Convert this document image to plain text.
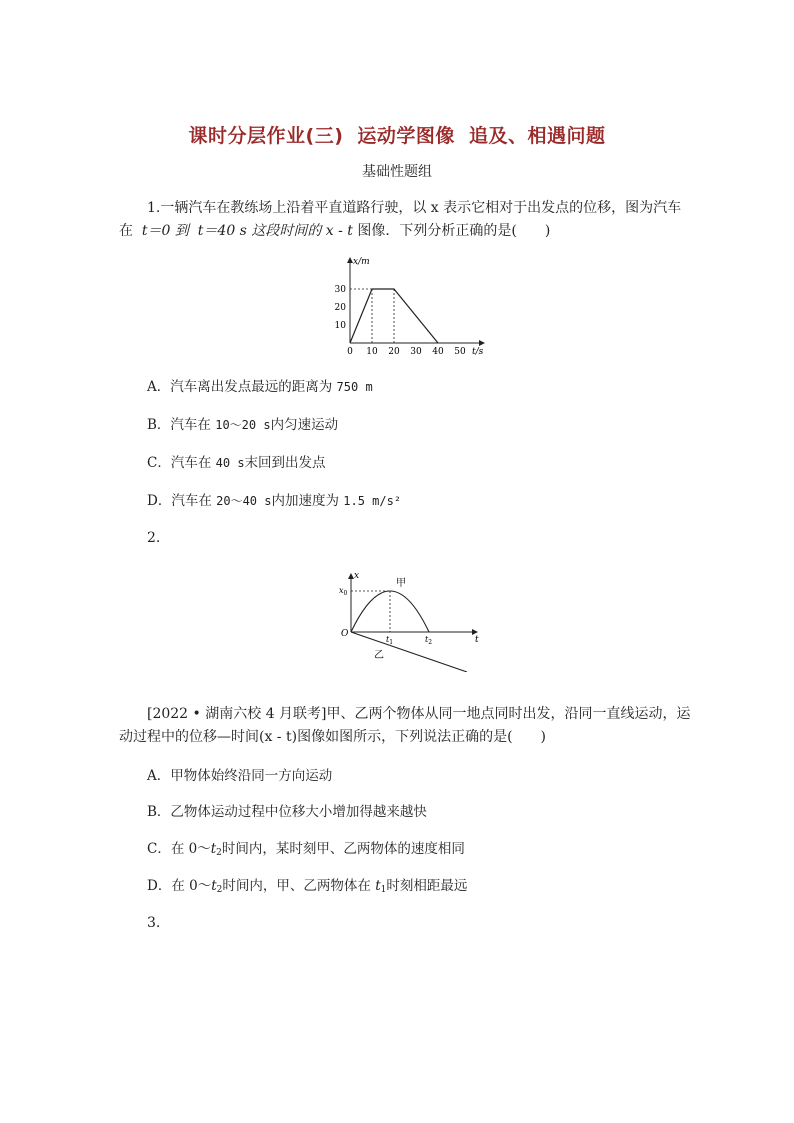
课时分层作业(三) 运动学图像 追及、相遇问题
基础性题组
1.一辆汽车在教练场上沿着平直道路行驶，以 x 表示它相对于出发点的位移，图为汽车
在 t＝0 到 t＝40 s 这段时间的 x - t 图像．下列分析正确的是(　　)
0 10 20 30 40 50
10
20
30
x/m
t/s
A．汽车离出发点最远的距离为 750 m
B．汽车在 10～20 s内匀速运动
C．汽车在 40 s末回到出发点
D．汽车在 20～40 s内加速度为 1.5 m/s²
2.
x
t
$x_0$
O
$t_1$	$t_2$
甲
乙
[2022 • 湖南六校 4 月联考]甲、乙两个物体从同一地点同时出发，沿同一直线运动，运
动过程中的位移—时间(x - t)图像如图所示，下列说法正确的是(　　)
A．甲物体始终沿同一方向运动
B．乙物体运动过程中位移大小增加得越来越快
C．在 $0\sim t_2$时间内，某时刻甲、乙两物体的速度相同
D．在 $0\sim t_2$时间内，甲、乙两物体在 $t_1$时刻相距最远
3.
